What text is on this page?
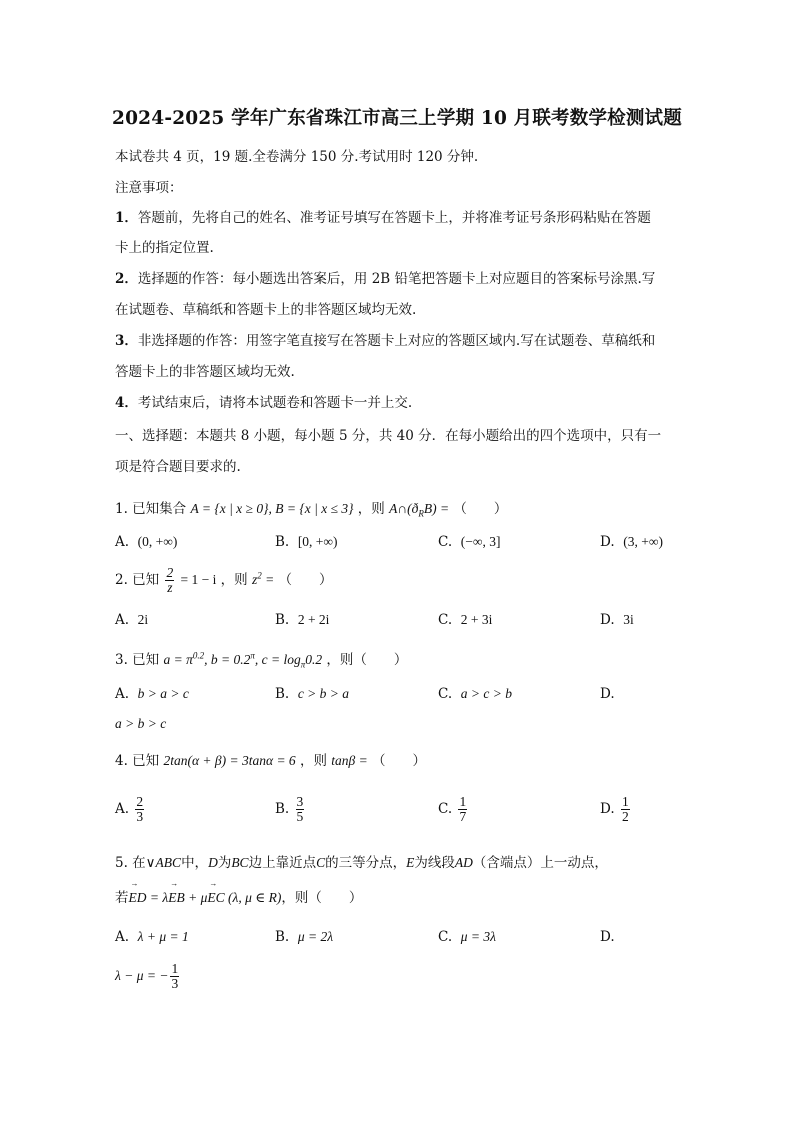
2024-2025 学年广东省珠江市高三上学期 10 月联考数学检测试题
本试卷共 4 页，19 题.全卷满分 150 分.考试用时 120 分钟.
注意事项：
1．答题前，先将自己的姓名、准考证号填写在答题卡上，并将准考证号条形码粘贴在答题
卡上的指定位置.
2．选择题的作答：每小题选出答案后，用 2B 铅笔把答题卡上对应题目的答案标号涂黑.写
在试题卷、草稿纸和答题卡上的非答题区域均无效.
3．非选择题的作答：用签字笔直接写在答题卡上对应的答题区域内.写在试题卷、草稿纸和
答题卡上的非答题区域均无效.
4．考试结束后，请将本试题卷和答题卡一并上交.
一、选择题：本题共 8 小题，每小题 5 分，共 40 分．在每小题给出的四个选项中，只有一
项是符合题目要求的.
1. 已知集合 A = {x | x ≥ 0}, B = {x | x ≤ 3} ，则 $A\cap(ð_RB)$ = （　　）
A. (0, +∞)	B. [0, +∞)	C. (−∞, 3]	D. (3, +∞)
2. 已知 $\frac{2}{z} = 1 - i$ ，则 $z^2$ = （　　）
A. 2i	B. 2 + 2i	C. 2 + 3i	D. 3i
3. 已知 $a = \pi^{0.2}$, $b = 0.2^\pi$, $c = \log_\pi 0.2$ ，则（　　）
A. b > a > c	B. c > b > a	C. a > c > b	D.
a > b > c
4. 已知 2tan(α + β) = 3tanα = 6 ，则 tanβ = （　　）
A. $\frac{2}{3}$	B. $\frac{3}{5}$	C. $\frac{1}{7}$	D. $\frac{1}{2}$
5. 在∨ABC中，D为BC边上靠近点C的三等分点，E为线段AD（含端点）上一动点，
若→ ED = λ→ EB + μ→ EC (λ, μ ∈ R)，则（　　）
A. λ + μ = 1	B. μ = 2λ	C. μ = 3λ	D.
λ − μ = − $\frac{1}{3}$
